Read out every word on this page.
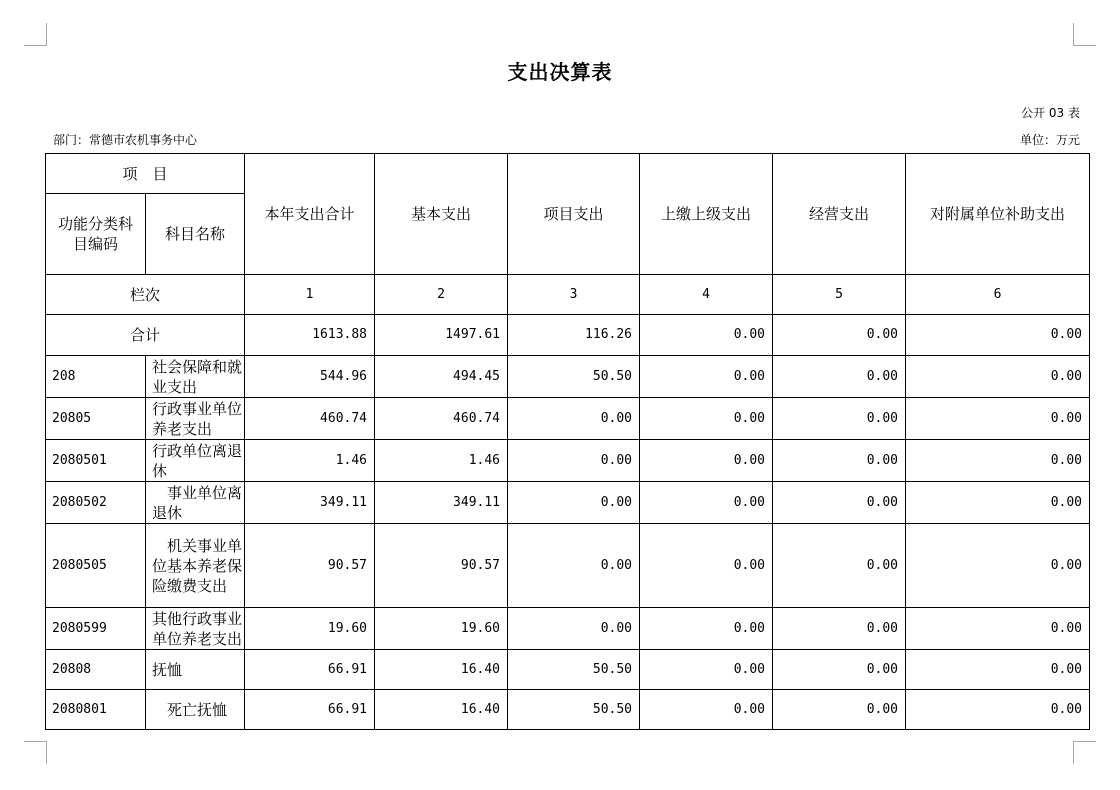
支出决算表
公开 03 表
部门：常德市农机事务中心	单位：万元
项　目		本年支出合计	基本支出	项目支出	上缴上级支出	经营支出	对附属单位补助支出
功能分类科目编码	科目名称						
栏次		1	2	3	4	5	6
合计		1613.88	1497.61	116.26	0.00	0.00	0.00
208	社会保障和就业支出	544.96	494.45	50.50	0.00	0.00	0.00
20805	行政事业单位养老支出	460.74	460.74	0.00	0.00	0.00	0.00
2080501	行政单位离退休	1.46	1.46	0.00	0.00	0.00	0.00
2080502	　事业单位离退休	349.11	349.11	0.00	0.00	0.00	0.00
2080505	　机关事业单位基本养老保险缴费支出	90.57	90.57	0.00	0.00	0.00	0.00
2080599	其他行政事业单位养老支出	19.60	19.60	0.00	0.00	0.00	0.00
20808	抚恤	66.91	16.40	50.50	0.00	0.00	0.00
2080801	　死亡抚恤	66.91	16.40	50.50	0.00	0.00	0.00
